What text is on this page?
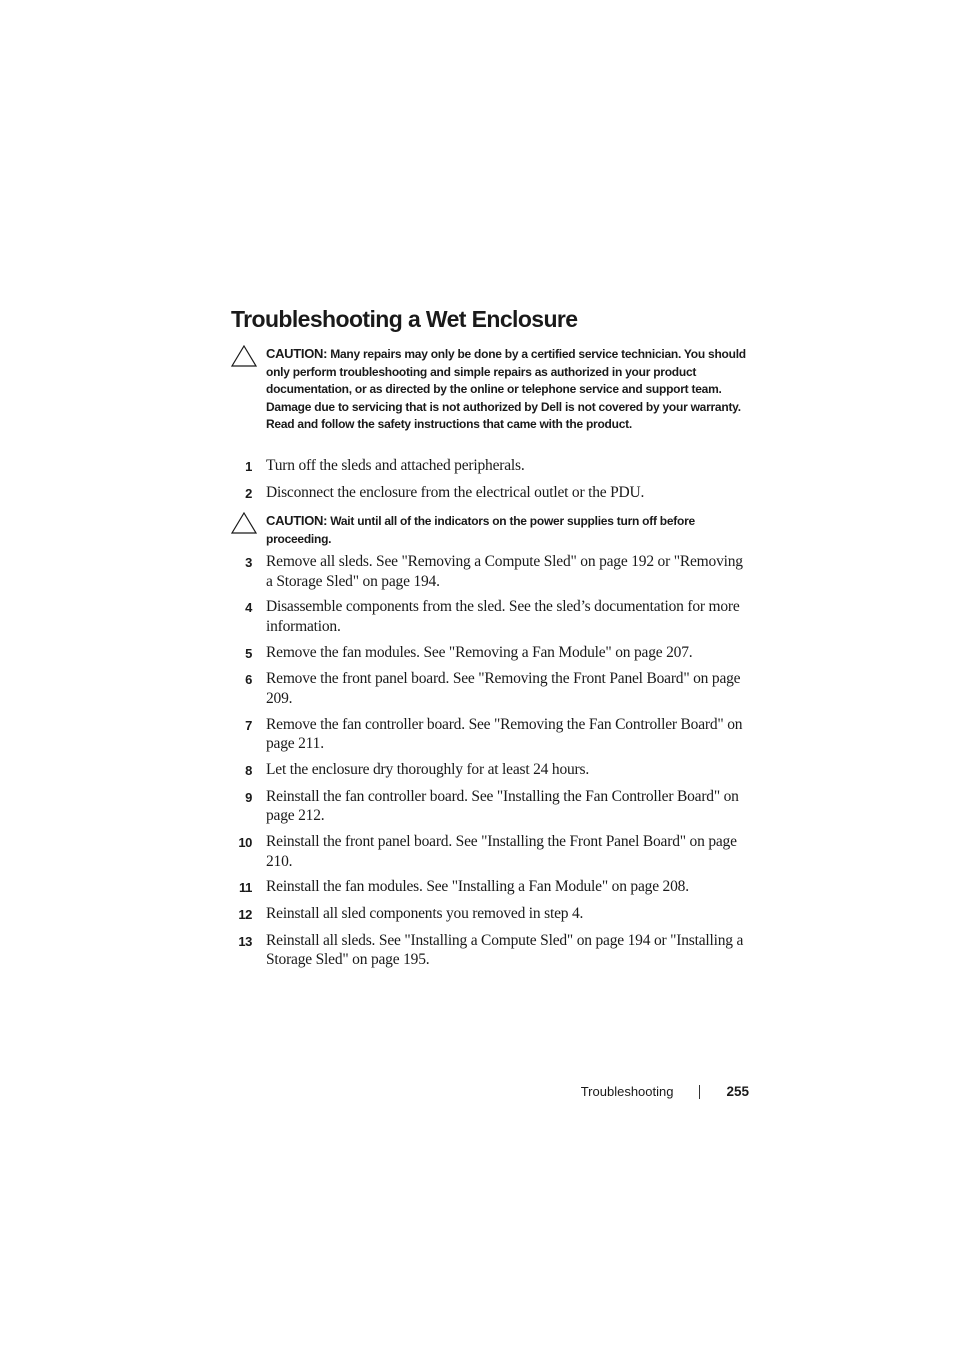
Troubleshooting a Wet Enclosure
CAUTION: Many repairs may only be done by a certified service technician. You should only perform troubleshooting and simple repairs as authorized in your product documentation, or as directed by the online or telephone service and support team. Damage due to servicing that is not authorized by Dell is not covered by your warranty. Read and follow the safety instructions that came with the product.
1 Turn off the sleds and attached peripherals.
2 Disconnect the enclosure from the electrical outlet or the PDU.
CAUTION: Wait until all of the indicators on the power supplies turn off before proceeding.
3 Remove all sleds. See "Removing a Compute Sled" on page 192 or "Removing a Storage Sled" on page 194.
4 Disassemble components from the sled. See the sled’s documentation for more information.
5 Remove the fan modules. See "Removing a Fan Module" on page 207.
6 Remove the front panel board. See "Removing the Front Panel Board" on page 209.
7 Remove the fan controller board. See "Removing the Fan Controller Board" on page 211.
8 Let the enclosure dry thoroughly for at least 24 hours.
9 Reinstall the fan controller board. See "Installing the Fan Controller Board" on page 212.
10 Reinstall the front panel board. See "Installing the Front Panel Board" on page 210.
11 Reinstall the fan modules. See "Installing a Fan Module" on page 208.
12 Reinstall all sled components you removed in step 4.
13 Reinstall all sleds. See "Installing a Compute Sled" on page 194 or "Installing a Storage Sled" on page 195.
Troubleshooting	255
